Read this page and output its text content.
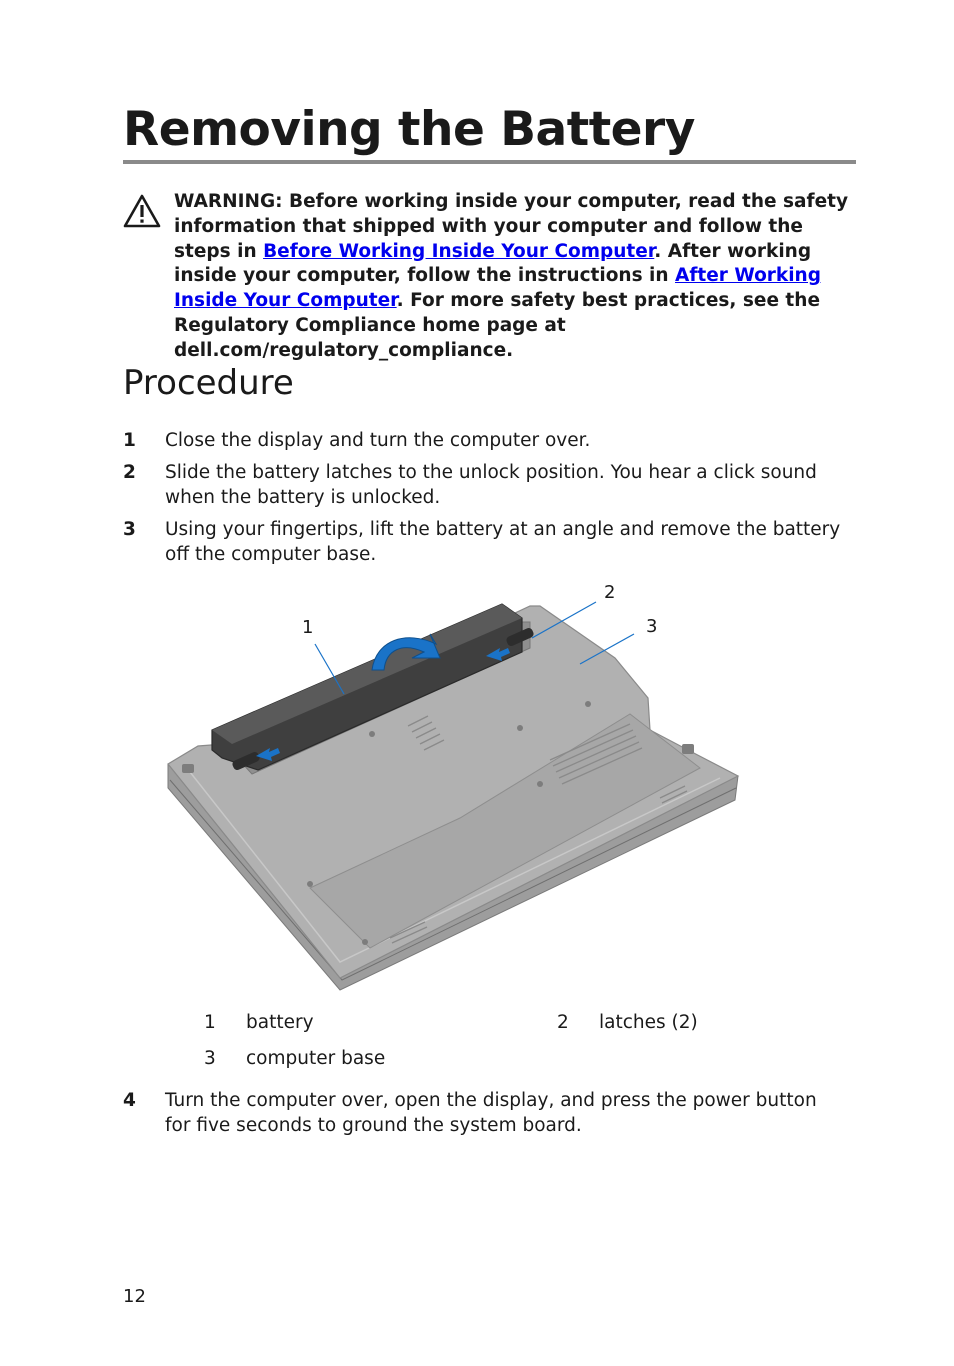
Removing the Battery
WARNING: Before working inside your computer, read the safety information that shipped with your computer and follow the steps in Before Working Inside Your Computer. After working inside your computer, follow the instructions in After Working Inside Your Computer. For more safety best practices, see the Regulatory Compliance home page at dell.com/regulatory_compliance.
Procedure
1 Close the display and turn the computer over.
2 Slide the battery latches to the unlock position. You hear a click sound when the battery is unlocked.
3 Using your fingertips, lift the battery at an angle and remove the battery off the computer base.
1
2
3
1 battery	2 latches (2)
3 computer base
4 Turn the computer over, open the display, and press the power button for five seconds to ground the system board.
12
